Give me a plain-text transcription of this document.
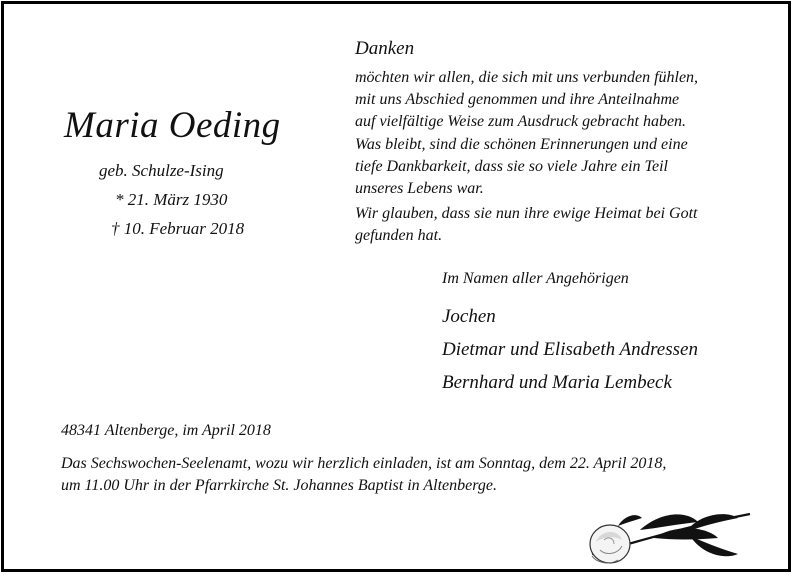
Maria Oeding
geb. Schulze-Ising
* 21. März 1930
† 10. Februar 2018
Danken
möchten wir allen, die sich mit uns verbunden fühlen,
mit uns Abschied genommen und ihre Anteilnahme
auf vielfältige Weise zum Ausdruck gebracht haben.
Was bleibt, sind die schönen Erinnerungen und eine
tiefe Dankbarkeit, dass sie so viele Jahre ein Teil
unseres Lebens war.
Wir glauben, dass sie nun ihre ewige Heimat bei Gott
gefunden hat.
Im Namen aller Angehörigen
Jochen
Dietmar und Elisabeth Andressen
Bernhard und Maria Lembeck
48341 Altenberge, im April 2018
Das Sechswochen-Seelenamt, wozu wir herzlich einladen, ist am Sonntag, dem 22. April 2018,
um 11.00 Uhr in der Pfarrkirche St. Johannes Baptist in Altenberge.
